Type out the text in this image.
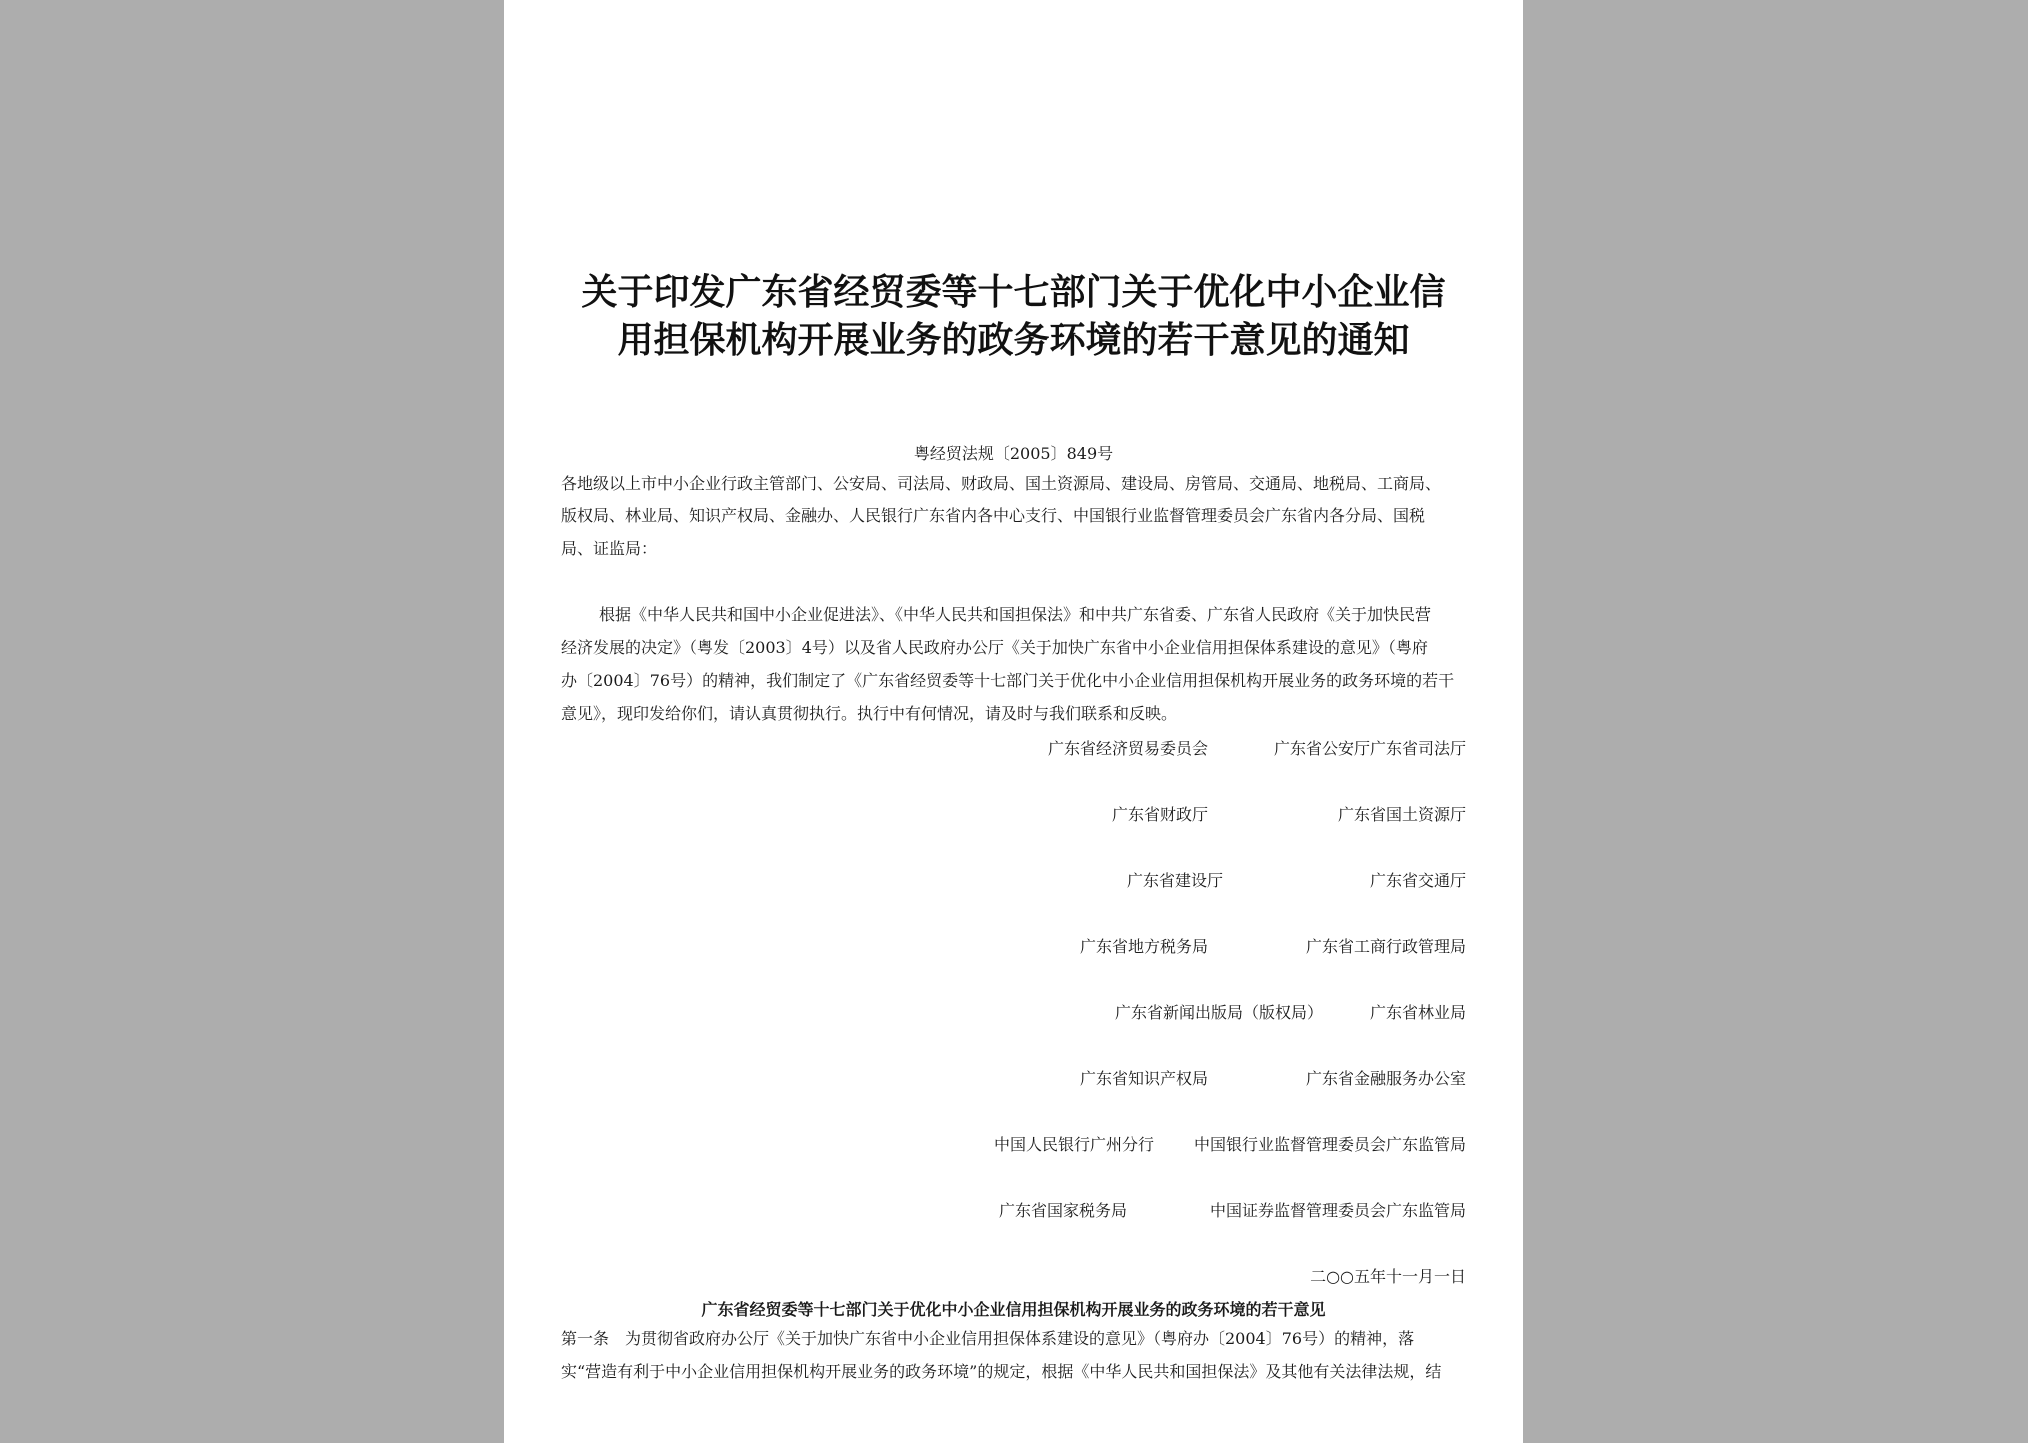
关于印发广东省经贸委等十七部门关于优化中小企业信
用担保机构开展业务的政务环境的若干意见的通知
粤经贸法规〔2005〕849号
各地级以上市中小企业行政主管部门、公安局、司法局、财政局、国土资源局、建设局、房管局、交通局、地税局、工商局、
版权局、林业局、知识产权局、金融办、人民银行广东省内各中心支行、中国银行业监督管理委员会广东省内各分局、国税
局、证监局：
根据《中华人民共和国中小企业促进法》、《中华人民共和国担保法》和中共广东省委、广东省人民政府《关于加快民营
经济发展的决定》（粤发〔2003〕4号）以及省人民政府办公厅《关于加快广东省中小企业信用担保体系建设的意见》（粤府
办〔2004〕76号）的精神，我们制定了《广东省经贸委等十七部门关于优化中小企业信用担保机构开展业务的政务环境的若干
意见》，现印发给你们，请认真贯彻执行。执行中有何情况，请及时与我们联系和反映。
广东省经济贸易委员会	广东省公安厅广东省司法厅
广东省财政厅	广东省国土资源厅
广东省建设厅	广东省交通厅
广东省地方税务局	广东省工商行政管理局
广东省新闻出版局（版权局）	广东省林业局
广东省知识产权局	广东省金融服务办公室
中国人民银行广州分行 中国银行业监督管理委员会广东监管局
广东省国家税务局	中国证券监督管理委员会广东监管局
二○○五年十一月一日
广东省经贸委等十七部门关于优化中小企业信用担保机构开展业务的政务环境的若干意见
第一条　为贯彻省政府办公厅《关于加快广东省中小企业信用担保体系建设的意见》（粤府办〔2004〕76号）的精神，落
实“营造有利于中小企业信用担保机构开展业务的政务环境”的规定，根据《中华人民共和国担保法》及其他有关法律法规，结
